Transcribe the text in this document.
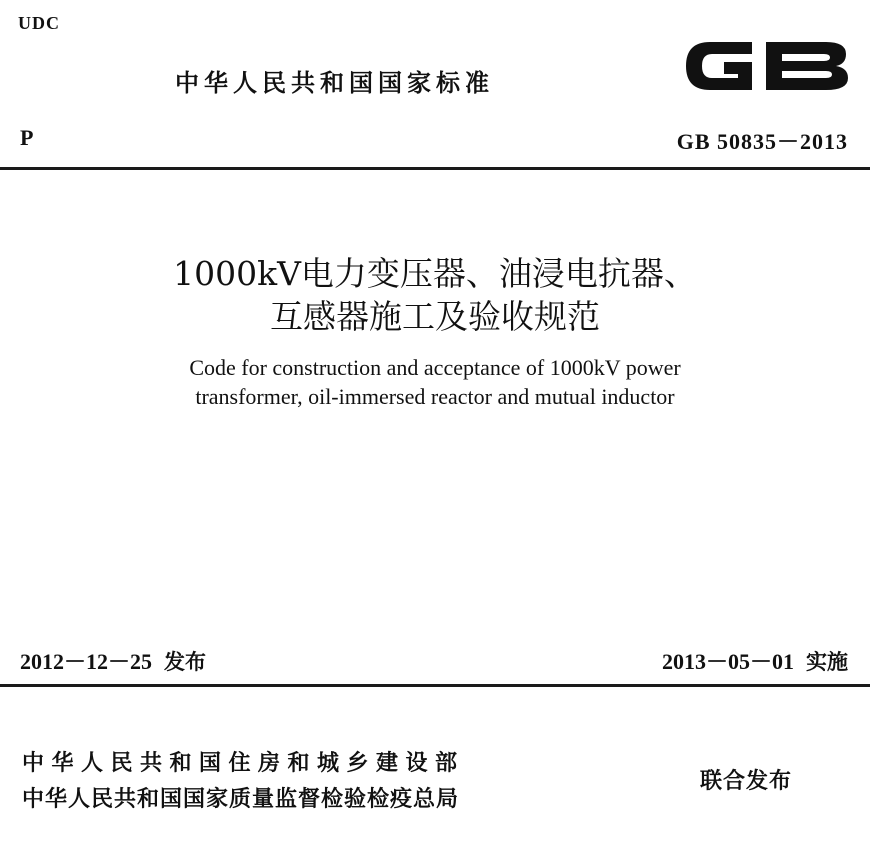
UDC
中华人民共和国国家标准
P	GB 50835－2013
1000kV电力变压器、油浸电抗器、
互感器施工及验收规范
Code for construction and acceptance of 1000kV power
transformer, oil-immersed reactor and mutual inductor
2012－12－25 发布	2013－05－01 实施
中华人民共和国住房和城乡建设部
中华人民共和国国家质量监督检验检疫总局
联合发布
